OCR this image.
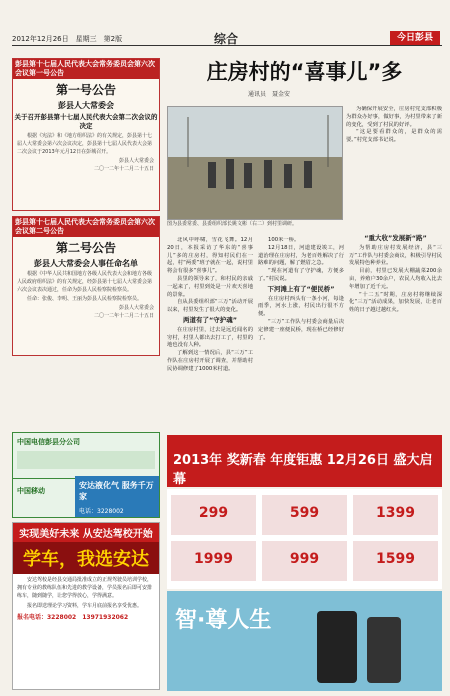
2012年12月26日　星期三　第2版	综合	今日彭县
彭县第十七届人民代表大会常务委员会第六次会议第一号公告
第一号公告
彭县人大常委会
关于召开彭县第十七届人民代表大会第二次会议的决定

根据《宪法》和《地方组织法》的有关规定，彭县第十七届人大常委会第六次会议决定，彭县第十七届人民代表大会第二次会议于2013年元月12日在彭城召开。

彭县人大常委会
二〇一二年十二月二十五日
彭县第十七届人民代表大会常务委员会第六次会议第二号公告
第二号公告
彭县人大常委会人事任命名单

根据《中华人民共和国地方各级人民代表大会和地方各级人民政府组织法》的有关规定，经彭县第十七届人大常委会第六次会议表决通过，任命为彭县人民检察院检察员。

任命：张俊、李明、王丽为彭县人民检察院检察员。

彭县人大常委会
二〇一二年十二月二十五日
中国电信彭县分公司
中国移动
安达液化气 服务千万家
电话：3228002
实现美好未来 从安达驾校开始
学车，我选安达

安达驾校是经县交通局批准成立的正规驾驶员培训学校，拥有专业的教练队伍和先进的教学设备，学员报名后即可安排练车，随到随学，让您学得放心，学得满意。

报名即送理论学习资料，学车月底前报名享受优惠。

报名电话：3228002　13971932062
庄房村的“喜事儿”多
通讯员　聂金安
图为县委常委、县委组织部长姚文彬（右二）到村里调研。

为确保开展安全，庄房村党支部积极为群众办好事，做好事，为村里带来了新的变化，受到了村民的好评。

“这是要看群众的，是群众的需要。”村党支部书记说。

北风中呼啸，雪花飞舞。12月20日，本报采访了华东的“喜事儿”多的庄房村，得知村民们在一起，村“两委”班子就在一起，说村里将会有很多“喜事儿”。

县里的领导来了，和村民的亲戚一起来了，村里到处是一片欢天喜地的景象。

自从县委组织部“三万”活动开展以来，村里发生了很大的变化。

两道有了“守护魂”

在庄房村里，过去是远近闻名的穷村，村里人都出去打工了，村里的地也没有人种。

了解到这一情况后，县“三万”工作队在庄房村开展了调查，并帮助村民协调修建了1000米村道。

100米一桥。

12月18日，河道建设竣工，河道治理在庄房村，为老百姓解决了行路难的问题，解了燃眉之急。

“现在河道有了守护魂，方便多了。”村民说。

下河滩上有了“便民桥”

在庄房村西头有一条小河，每逢雨季，河水上涨，村民出行很不方便。

“三万”工作队与村委会商量后决定修建一座便民桥，现在桥已经修好了。

“重大收”发展新“路”

为帮助庄房村发展经济，县“三万”工作队与村委会商议，积极引导村民发展特色种养业。

目前，村里已发展大棚蔬菜200余亩，养殖户30余户，农民人均收入比去年增加了近千元。

“十二五”时期，庄房村将继续深化“三万”活动成果，加快发展，让老百姓的日子越过越红火。

2013年 奖新春 年度钜惠 12月26日 盛大启幕
299	599	1399
1999	999	1599
智·尊人生
